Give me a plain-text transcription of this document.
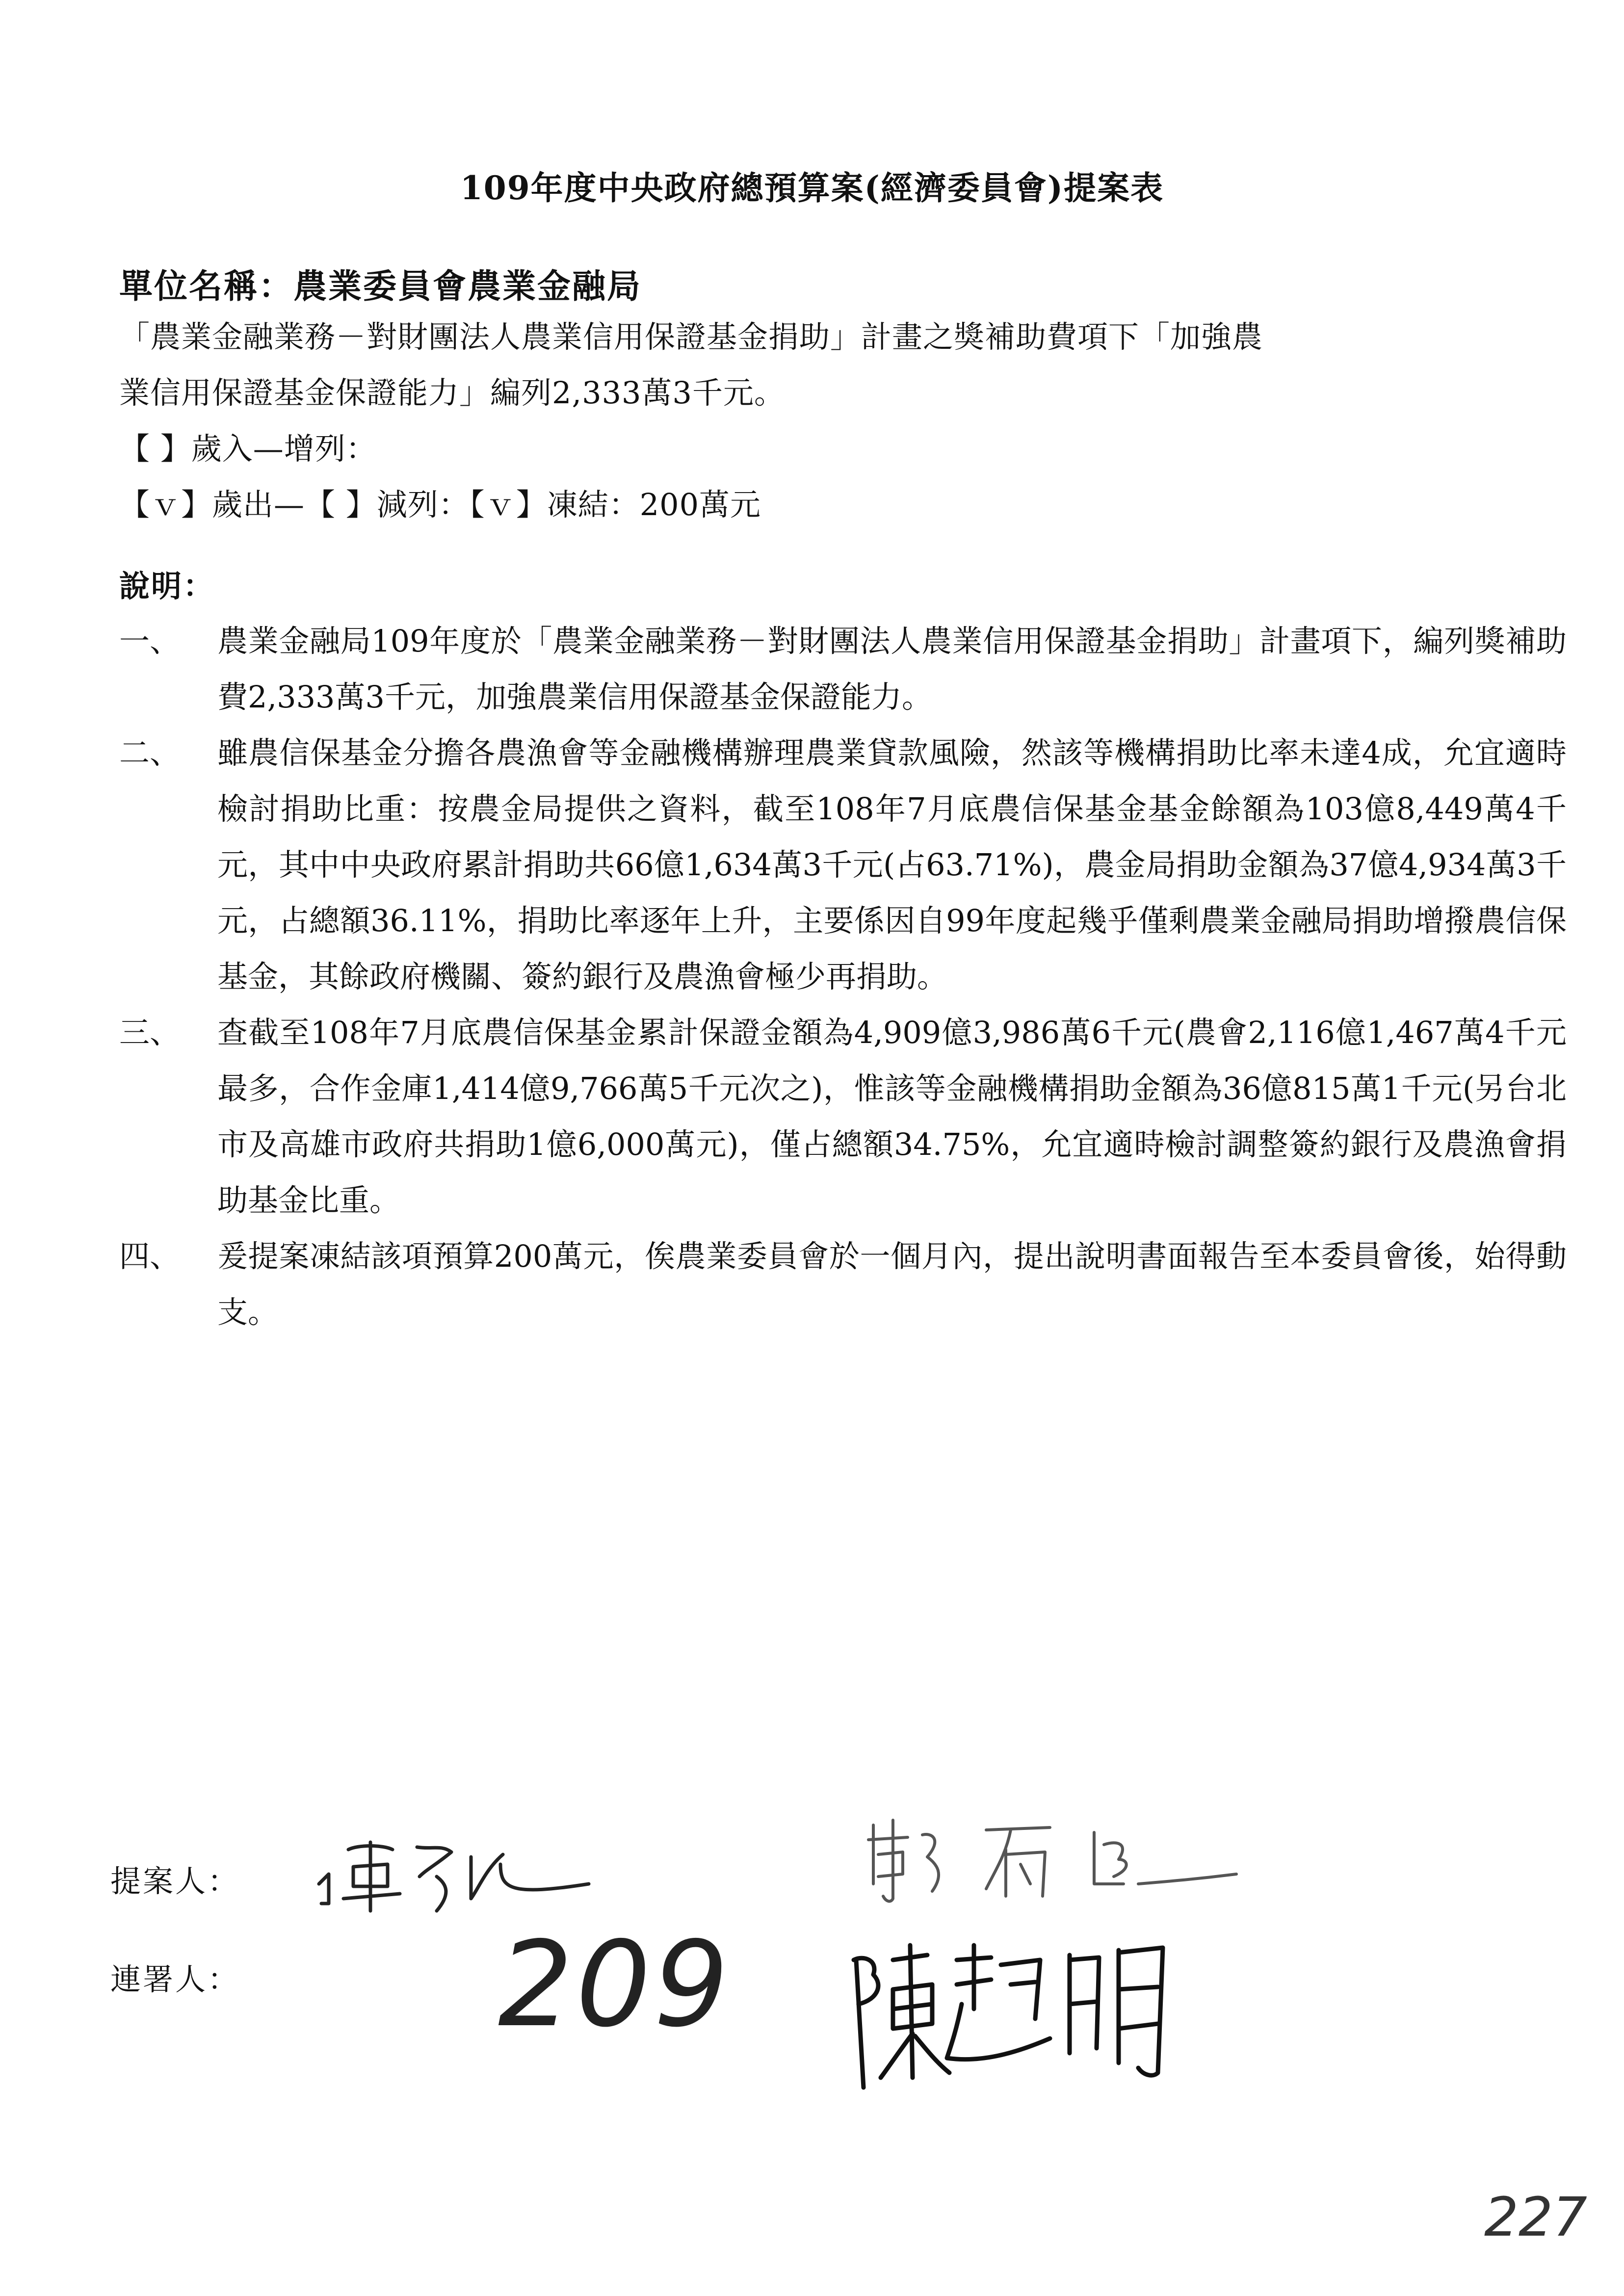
109年度中央政府總預算案(經濟委員會)提案表
單位名稱：農業委員會農業金融局

「農業金融業務－對財團法人農業信用保證基金捐助」計畫之獎補助費項下「加強農

業信用保證基金保證能力」編列2,333萬3千元。

【 】歲入—增列：

【ｖ】歲出—【 】減列：【ｖ】凍結：200萬元

說明：
一、 農業金融局109年度於「農業金融業務－對財團法人農業信用保證基金捐助」計畫項下，編列獎補助費2,333萬3千元，加強農業信用保證基金保證能力。
二、 雖農信保基金分擔各農漁會等金融機構辦理農業貸款風險，然該等機構捐助比率未達4成，允宜適時檢討捐助比重：按農金局提供之資料，截至108年7月底農信保基金基金餘額為103億8,449萬4千元，其中中央政府累計捐助共66億1,634萬3千元(占63.71%)，農金局捐助金額為37億4,934萬3千元，占總額36.11%，捐助比率逐年上升，主要係因自99年度起幾乎僅剩農業金融局捐助增撥農信保基金，其餘政府機關、簽約銀行及農漁會極少再捐助。
三、 查截至108年7月底農信保基金累計保證金額為4,909億3,986萬6千元(農會2,116億1,467萬4千元最多，合作金庫1,414億9,766萬5千元次之)，惟該等金融機構捐助金額為36億815萬1千元(另台北市及高雄市政府共捐助1億6,000萬元)，僅占總額34.75%，允宜適時檢討調整簽約銀行及農漁會捐助基金比重。
四、 爰提案凍結該項預算200萬元，俟農業委員會於一個月內，提出說明書面報告至本委員會後，始得動支。
提案人：
連署人： 209
227
